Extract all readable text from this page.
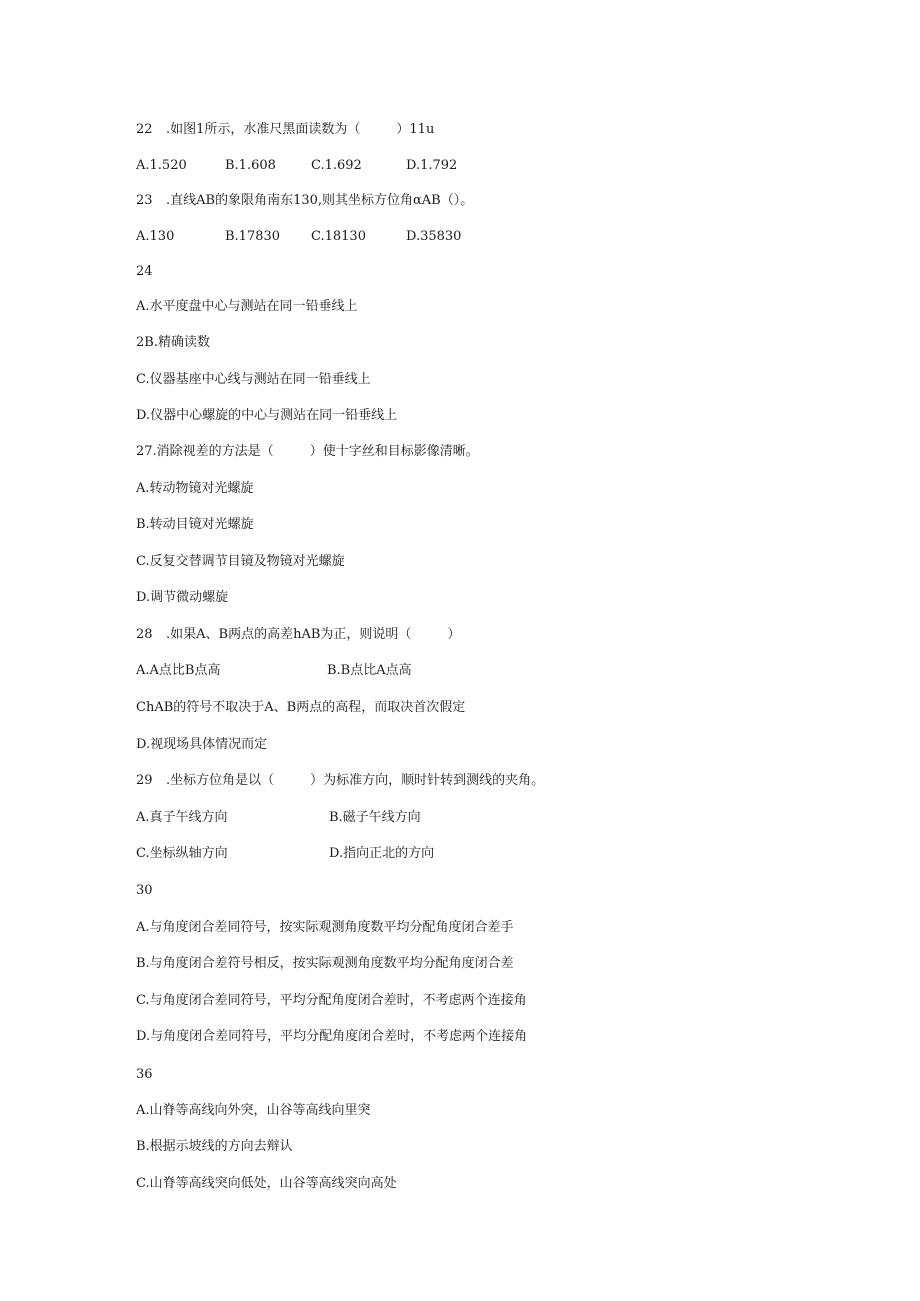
22 .如图1所示，水准尺黑面读数为（	）11u
A.1.520	B.1.608	C.1.692	D.1.792
23 .直线AB的象限角南东130,则其坐标方位角αAB（）。
A.130	B.17830 C.18130	D.35830
24
A.水平度盘中心与测站在同一铅垂线上
2B.精确读数
C.仪器基座中心线与测站在同一铅垂线上
D.仪器中心螺旋的中心与测站在同一铅垂线上
27.消除视差的方法是（	）使十字丝和目标影像清晰。
A.转动物镜对光螺旋
B.转动目镜对光螺旋
C.反复交替调节目镜及物镜对光螺旋
D.调节微动螺旋
28 .如果A、B两点的高差hAB为正，则说明（	）
A.A点比B点高	B.B点比A点高
ChAB的符号不取决于A、B两点的高程，而取决首次假定
D.视现场具体情况而定
29 .坐标方位角是以（	）为标准方向，顺时针转到测线的夹角。
A.真子午线方向	B.磁子午线方向
C.坐标纵轴方向	D.指向正北的方向
30
A.与角度闭合差同符号，按实际观测角度数平均分配角度闭合差手
B.与角度闭合差符号相反，按实际观测角度数平均分配角度闭合差
C.与角度闭合差同符号，平均分配角度闭合差时，不考虑两个连接角
D.与角度闭合差同符号，平均分配角度闭合差时，不考虑两个连接角
36
A.山脊等高线向外突，山谷等高线向里突
B.根据示坡线的方向去辩认
C.山脊等高线突向低处，山谷等高线突向高处
